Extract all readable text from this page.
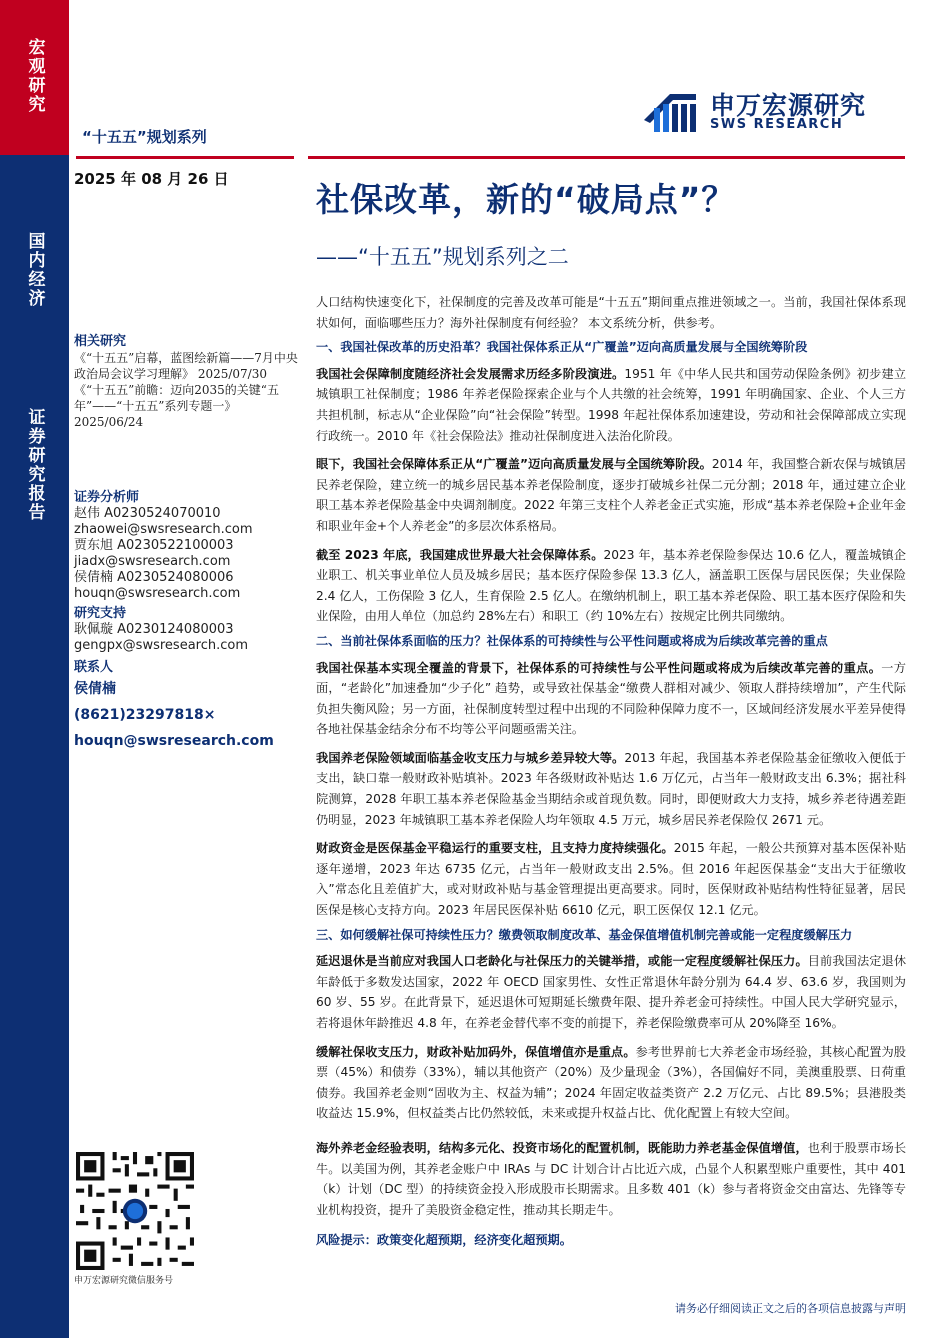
宏观研究
国内经济
证券研究报告
“十五五”规划系列
申万宏源研究
SWS RESEARCH
2025 年 08 月 26 日
社保改革，新的“破局点”？
——“十五五”规划系列之二
相关研究
《“十五五”启幕，蓝图绘新篇——7月中央政治局会议学习理解》 2025/07/30
《“十五五”前瞻：迈向2035的关键“五年”——“十五五”系列专题一》 2025/06/24
证券分析师
赵伟 A0230524070010
zhaowei@swsresearch.com
贾东旭 A0230522100003
jiadx@swsresearch.com
侯倩楠 A0230524080006
houqn@swsresearch.com
研究支持
耿佩璇 A0230124080003
gengpx@swsresearch.com
联系人
侯倩楠
(8621)23297818×
houqn@swsresearch.com
申万宏源研究微信服务号

人口结构快速变化下，社保制度的完善及改革可能是“十五五”期间重点推进领域之一。当前，我国社保体系现状如何，面临哪些压力？海外社保制度有何经验？ 本文系统分析，供参考。

一、我国社保改革的历史沿革？我国社保体系正从“广覆盖”迈向高质量发展与全国统筹阶段

我国社会保障制度随经济社会发展需求历经多阶段演进。1951 年《中华人民共和国劳动保险条例》初步建立城镇职工社保制度；1986 年养老保险探索企业与个人共缴的社会统筹，1991 年明确国家、企业、个人三方共担机制，标志从“企业保险”向“社会保险”转型。1998 年起社保体系加速建设，劳动和社会保障部成立实现行政统一。2010 年《社会保险法》推动社保制度进入法治化阶段。

眼下，我国社会保障体系正从“广覆盖”迈向高质量发展与全国统筹阶段。2014 年，我国整合新农保与城镇居民养老保险，建立统一的城乡居民基本养老保险制度，逐步打破城乡社保二元分割；2018 年，通过建立企业职工基本养老保险基金中央调剂制度。2022 年第三支柱个人养老金正式实施，形成“基本养老保险+企业年金和职业年金+个人养老金”的多层次体系格局。

截至 2023 年底，我国建成世界最大社会保障体系。2023 年，基本养老保险参保达 10.6 亿人，覆盖城镇企业职工、机关事业单位人员及城乡居民；基本医疗保险参保 13.3 亿人，涵盖职工医保与居民医保；失业保险 2.4 亿人，工伤保险 3 亿人，生育保险 2.5 亿人。在缴纳机制上，职工基本养老保险、职工基本医疗保险和失业保险，由用人单位（加总约 28%左右）和职工（约 10%左右）按规定比例共同缴纳。

二、当前社保体系面临的压力？社保体系的可持续性与公平性问题或将成为后续改革完善的重点

我国社保基本实现全覆盖的背景下，社保体系的可持续性与公平性问题或将成为后续改革完善的重点。一方面，“老龄化”加速叠加“少子化” 趋势，或导致社保基金“缴费人群相对减少、领取人群持续增加”，产生代际负担失衡风险；另一方面，社保制度转型过程中出现的不同险种保障力度不一，区域间经济发展水平差异使得各地社保基金结余分布不均等公平问题亟需关注。

我国养老保险领域面临基金收支压力与城乡差异较大等。2013 年起，我国基本养老保险基金征缴收入便低于支出，缺口靠一般财政补贴填补。2023 年各级财政补贴达 1.6 万亿元，占当年一般财政支出 6.3%；据社科院测算，2028 年职工基本养老保险基金当期结余或首现负数。同时，即便财政大力支持，城乡养老待遇差距仍明显，2023 年城镇职工基本养老保险人均年领取 4.5 万元，城乡居民养老保险仅 2671 元。

财政资金是医保基金平稳运行的重要支柱，且支持力度持续强化。2015 年起，一般公共预算对基本医保补贴逐年递增，2023 年达 6735 亿元，占当年一般财政支出 2.5%。但 2016 年起医保基金“支出大于征缴收入”常态化且差值扩大，或对财政补贴与基金管理提出更高要求。同时，医保财政补贴结构性特征显著，居民医保是核心支持方向。2023 年居民医保补贴 6610 亿元，职工医保仅 12.1 亿元。

三、如何缓解社保可持续性压力？缴费领取制度改革、基金保值增值机制完善或能一定程度缓解压力

延迟退休是当前应对我国人口老龄化与社保压力的关键举措，或能一定程度缓解社保压力。目前我国法定退休年龄低于多数发达国家，2022 年 OECD 国家男性、女性正常退休年龄分别为 64.4 岁、63.6 岁，我国则为 60 岁、55 岁。在此背景下，延迟退休可短期延长缴费年限、提升养老金可持续性。中国人民大学研究显示，若将退休年龄推迟 4.8 年，在养老金替代率不变的前提下，养老保险缴费率可从 20%降至 16%。

缓解社保收支压力，财政补贴加码外，保值增值亦是重点。参考世界前七大养老金市场经验，其核心配置为股票（45%）和债券（33%），辅以其他资产（20%）及少量现金（3%），各国偏好不同，美澳重股票、日荷重债券。我国养老金则“固收为主、权益为辅”；2024 年固定收益类资产 2.2 万亿元、占比 89.5%；县港股类收益达 15.9%，但权益类占比仍然较低，未来或提升权益占比、优化配置上有较大空间。

海外养老金经验表明，结构多元化、投资市场化的配置机制，既能助力养老基金保值增值，也利于股票市场长牛。以美国为例，其养老金账户中 IRAs 与 DC 计划合计占比近六成，凸显个人积累型账户重要性，其中 401（k）计划（DC 型）的持续资金投入形成股市长期需求。且多数 401（k）参与者将资金交由富达、先锋等专业机构投资，提升了美股资金稳定性，推动其长期走牛。

风险提示：政策变化超预期，经济变化超预期。

请务必仔细阅读正文之后的各项信息披露与声明
